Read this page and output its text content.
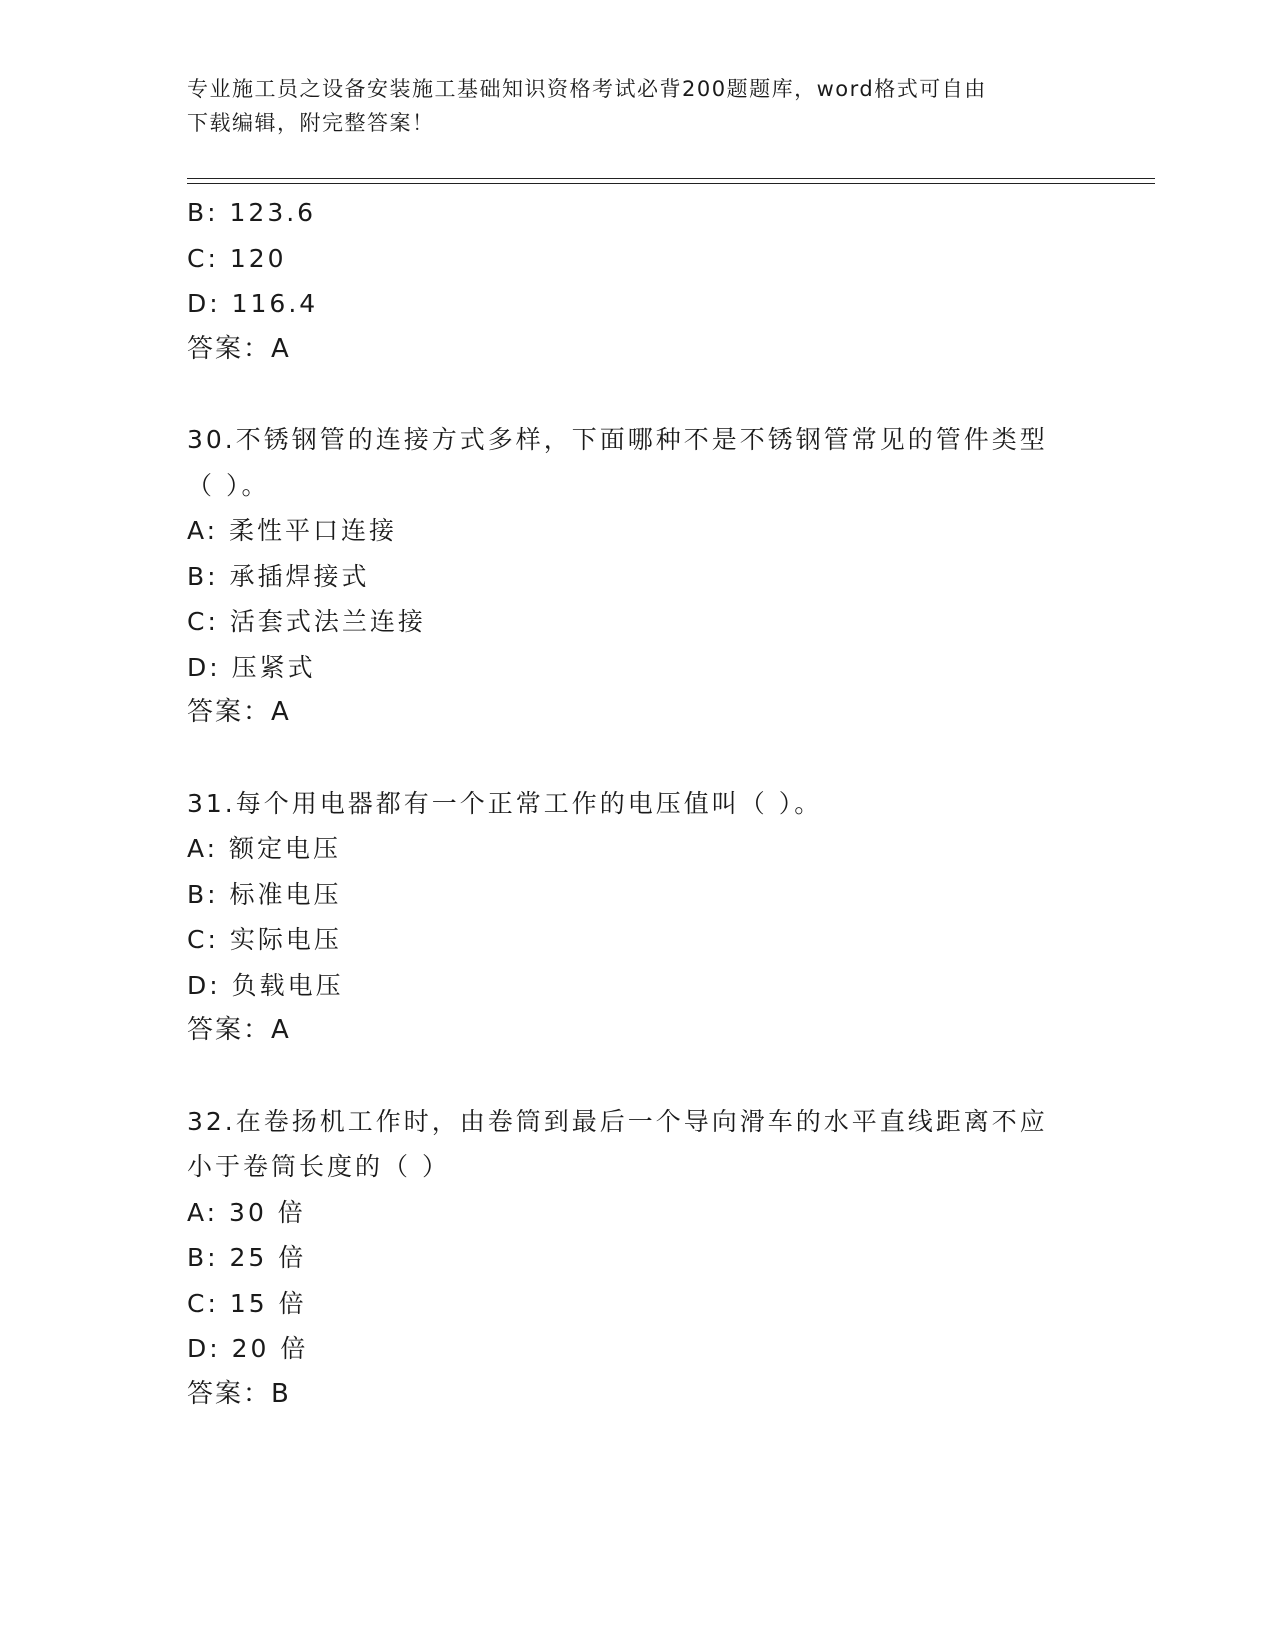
专业施工员之设备安装施工基础知识资格考试必背200题题库，word格式可自由
下载编辑，附完整答案！
B: 123.6
C: 120
D: 116.4
答案：A
30.不锈钢管的连接方式多样，下面哪种不是不锈钢管常见的管件类型
（ ）。
A: 柔性平口连接
B: 承插焊接式
C: 活套式法兰连接
D: 压紧式
答案：A
31.每个用电器都有一个正常工作的电压值叫（ ）。
A: 额定电压
B: 标准电压
C: 实际电压
D: 负载电压
答案：A
32.在卷扬机工作时，由卷筒到最后一个导向滑车的水平直线距离不应
小于卷筒长度的（ ）
A: 30 倍
B: 25 倍
C: 15 倍
D: 20 倍
答案：B
